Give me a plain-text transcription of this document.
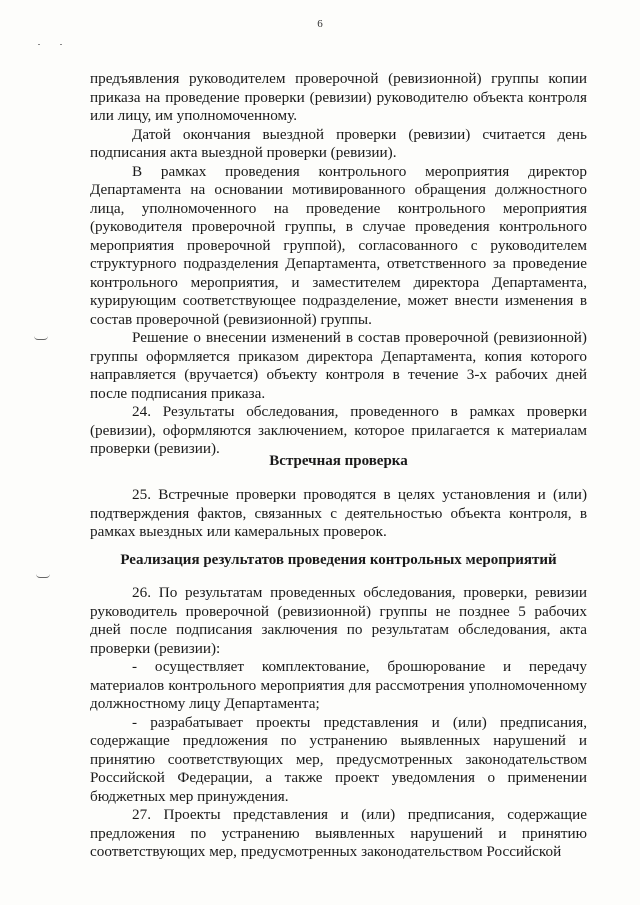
6

предъявления руководителем проверочной (ревизионной) группы копии приказа на проведение проверки (ревизии) руководителю объекта контроля или лицу, им уполномоченному.

Датой окончания выездной проверки (ревизии) считается день подписания акта выездной проверки (ревизии).

В рамках проведения контрольного мероприятия директор Департамента на основании мотивированного обращения должностного лица, уполномоченного на проведение контрольного мероприятия (руководителя проверочной группы, в случае проведения контрольного мероприятия проверочной группой), согласованного с руководителем структурного подразделения Департамента, ответственного за проведение контрольного мероприятия, и заместителем директора Департамента, курирующим соответствующее подразделение, может внести изменения в состав проверочной (ревизионной) группы.

Решение о внесении изменений в состав проверочной (ревизионной) группы оформляется приказом директора Департамента, копия которого направляется (вручается) объекту контроля в течение 3-х рабочих дней после подписания приказа.

24. Результаты обследования, проведенного в рамках проверки (ревизии), оформляются заключением, которое прилагается к материалам проверки (ревизии).

Встречная проверка

25. Встречные проверки проводятся в целях установления и (или) подтверждения фактов, связанных с деятельностью объекта контроля, в рамках выездных или камеральных проверок.

Реализация результатов проведения контрольных мероприятий

26. По результатам проведенных обследования, проверки, ревизии руководитель проверочной (ревизионной) группы не позднее 5 рабочих дней после подписания заключения по результатам обследования, акта проверки (ревизии):

- осуществляет комплектование, брошюрование и передачу материалов контрольного мероприятия для рассмотрения уполномоченному должностному лицу Департамента;

- разрабатывает проекты представления и (или) предписания, содержащие предложения по устранению выявленных нарушений и принятию соответствующих мер, предусмотренных законодательством Российской Федерации, а также проект уведомления о применении бюджетных мер принуждения.

27. Проекты представления и (или) предписания, содержащие предложения по устранению выявленных нарушений и принятию соответствующих мер, предусмотренных законодательством Российской
